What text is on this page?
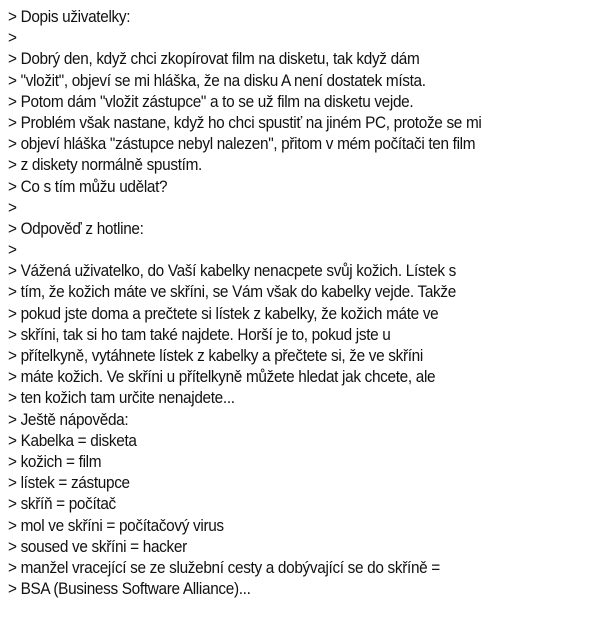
> Dopis uživatelky:
>
> Dobrý den, když chci zkopírovat film na disketu, tak když dám
> "vložit", objeví se mi hláška, že na disku A není dostatek místa.
> Potom dám "vložit zástupce" a to se už film na disketu vejde.
> Problém však nastane, když ho chci spustiť na jiném PC, protože se mi
> objeví hláška "zástupce nebyl nalezen", přitom v mém počítači ten film
> z diskety normálně spustím.
> Co s tím můžu udělat?
>
> Odpověď z hotline:
>
> Vážená uživatelko, do Vaší kabelky nenacpete svůj kožich. Lístek s
> tím, že kožich máte ve skříni, se Vám však do kabelky vejde. Takže
> pokud jste doma a prečtete si lístek z kabelky, že kožich máte ve
> skříni, tak si ho tam také najdete. Horší je to, pokud jste u
> přítelkyně, vytáhnete lístek z kabelky a přečtete si, že ve skříni
> máte kožich. Ve skříni u přítelkyně můžete hledat jak chcete, ale
> ten kožich tam určite nenajdete...
> Ještě nápověda:
> Kabelka = disketa
> kožich = film
> lístek = zástupce
> skříň = počítač
> mol ve skříni = počítačový virus
> soused ve skříni = hacker
> manžel vracející se ze služební cesty a dobývající se do skříně =
> BSA (Business Software Alliance)...
